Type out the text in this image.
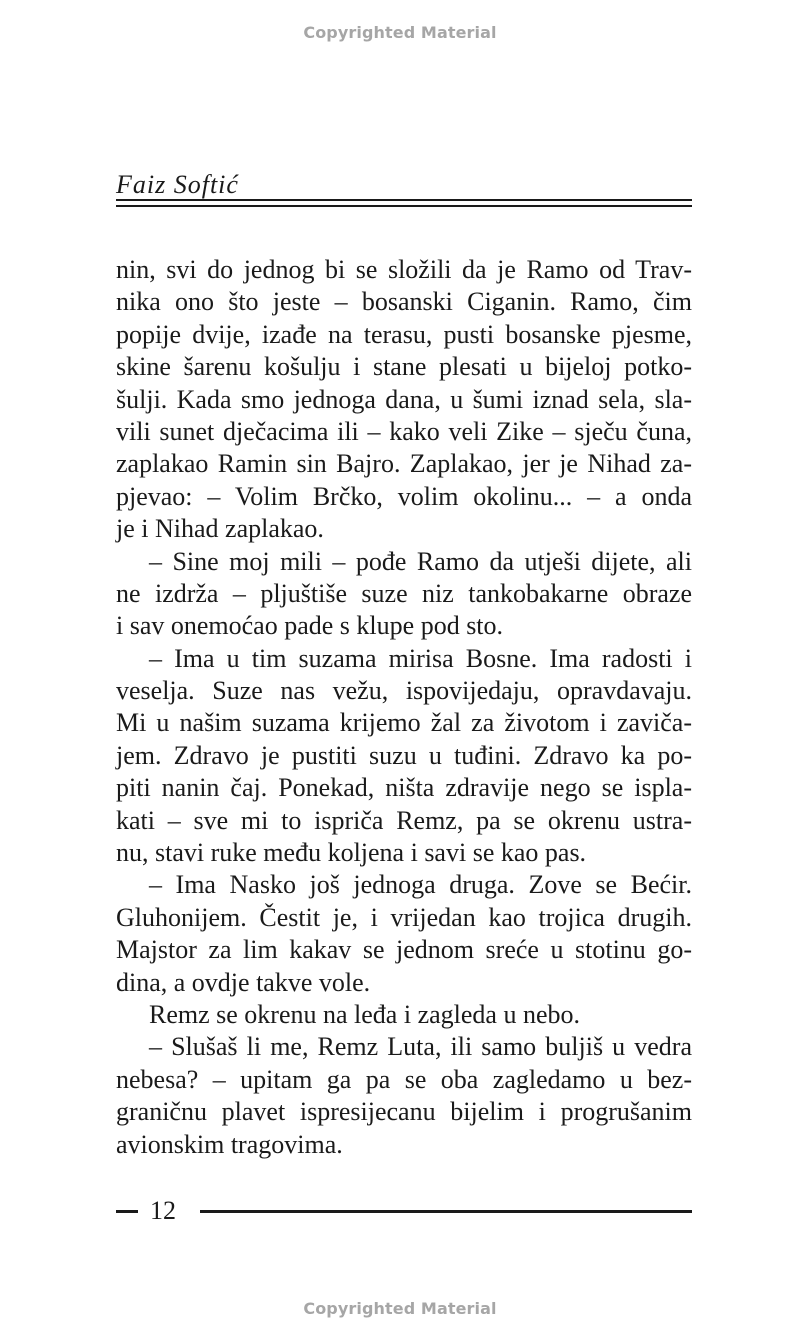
Copyrighted Material
Faiz Softić
nin, svi do jednog bi se složili da je Ramo od Trav-
nika ono što jeste – bosanski Ciganin. Ramo, čim
popije dvije, izađe na terasu, pusti bosanske pjesme,
skine šarenu košulju i stane plesati u bijeloj potko-
šulji. Kada smo jednoga dana, u šumi iznad sela, sla-
vili sunet dječacima ili – kako veli Zike – sječu čuna,
zaplakao Ramin sin Bajro. Zaplakao, jer je Nihad za-
pjevao: – Volim Brčko, volim okolinu... – a onda
je i Nihad zaplakao.
– Sine moj mili – pođe Ramo da utješi dijete, ali
ne izdrža – pljuštiše suze niz tankobakarne obraze
i sav onemoćao pade s klupe pod sto.
– Ima u tim suzama mirisa Bosne. Ima radosti i
veselja. Suze nas vežu, ispovijedaju, opravdavaju.
Mi u našim suzama krijemo žal za životom i zaviča-
jem. Zdravo je pustiti suzu u tuđini. Zdravo ka po-
piti nanin čaj. Ponekad, ništa zdravije nego se ispla-
kati – sve mi to ispriča Remz, pa se okrenu ustra-
nu, stavi ruke među koljena i savi se kao pas.
– Ima Nasko još jednoga druga. Zove se Bećir.
Gluhonijem. Čestit je, i vrijedan kao trojica drugih.
Majstor za lim kakav se jednom sreće u stotinu go-
dina, a ovdje takve vole.
Remz se okrenu na leđa i zagleda u nebo.
– Slušaš li me, Remz Luta, ili samo buljiš u vedra
nebesa? – upitam ga pa se oba zagledamo u bez-
graničnu plavet ispresijecanu bijelim i progrušanim
avionskim tragovima.
12
Copyrighted Material
